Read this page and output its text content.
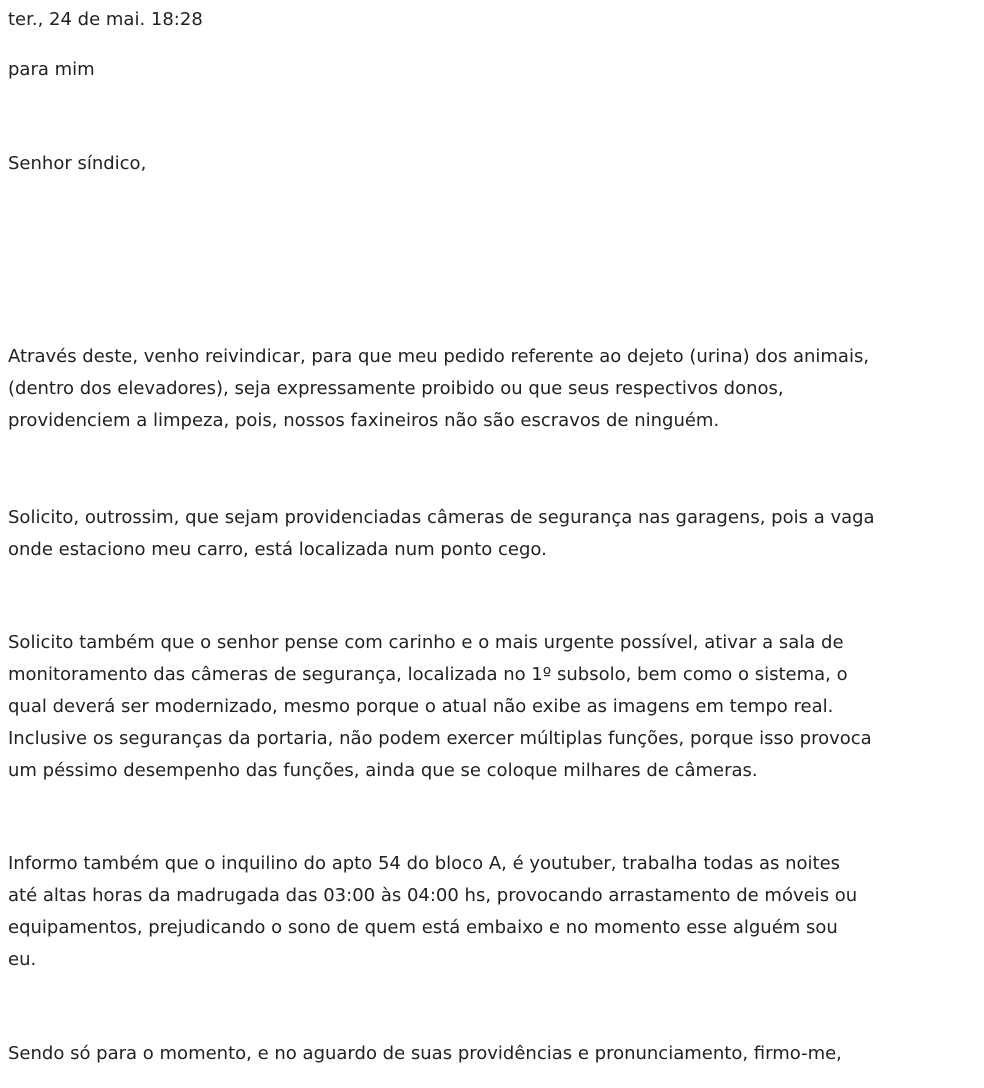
ter., 24 de mai. 18:28
para mim
Senhor síndico,
Através deste, venho reivindicar, para que meu pedido referente ao dejeto (urina) dos animais,
(dentro dos elevadores), seja expressamente proibido ou que seus respectivos donos,
providenciem a limpeza, pois, nossos faxineiros não são escravos de ninguém.
Solicito, outrossim, que sejam providenciadas câmeras de segurança nas garagens, pois a vaga
onde estaciono meu carro, está localizada num ponto cego.
Solicito também que o senhor pense com carinho e o mais urgente possível, ativar a sala de
monitoramento das câmeras de segurança, localizada no 1º subsolo, bem como o sistema, o
qual deverá ser modernizado, mesmo porque o atual não exibe as imagens em tempo real.
Inclusive os seguranças da portaria, não podem exercer múltiplas funções, porque isso provoca
um péssimo desempenho das funções, ainda que se coloque milhares de câmeras.
Informo também que o inquilino do apto 54 do bloco A, é youtuber, trabalha todas as noites
até altas horas da madrugada das 03:00 às 04:00 hs, provocando arrastamento de móveis ou
equipamentos, prejudicando o sono de quem está embaixo e no momento esse alguém sou
eu.
Sendo só para o momento, e no aguardo de suas providências e pronunciamento, firmo-me,
